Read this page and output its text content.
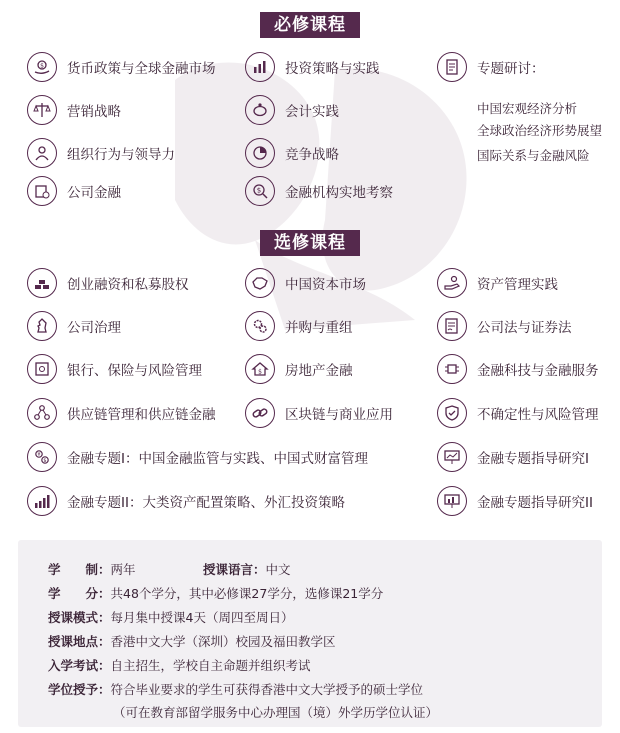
必修课程
$ 货币政策与全球金融市场	投资策略与实践	专题研讨：
营销战略	会计实践
组织行为与领导力	竞争战略
公司金融	$ 金融机构实地考察
中国宏观经济分析
全球政治经济形势展望
国际关系与金融风险
选修课程
创业融资和私募股权	中国资本市场	资产管理实践
公司治理	并购与重组	公司法与证券法
银行、保险与风险管理	$ 房地产金融	金融科技与金融服务
供应链管理和供应链金融	区块链与商业应用	不确定性与风险管理
¥
$ 金融专题I：中国金融监管与实践、中国式财富管理	金融专题指导研究I
金融专题II：大类资产配置策略、外汇投资策略	金融专题指导研究II
学　　制：两年	授课语言：中文
学　　分：共48个学分，其中必修课27学分，选修课21学分
授课模式：每月集中授课4天（周四至周日）
授课地点：香港中文大学（深圳）校园及福田教学区
入学考试：自主招生，学校自主命题并组织考试
学位授予：符合毕业要求的学生可获得香港中文大学授予的硕士学位
（可在教育部留学服务中心办理国（境）外学历学位认证）
